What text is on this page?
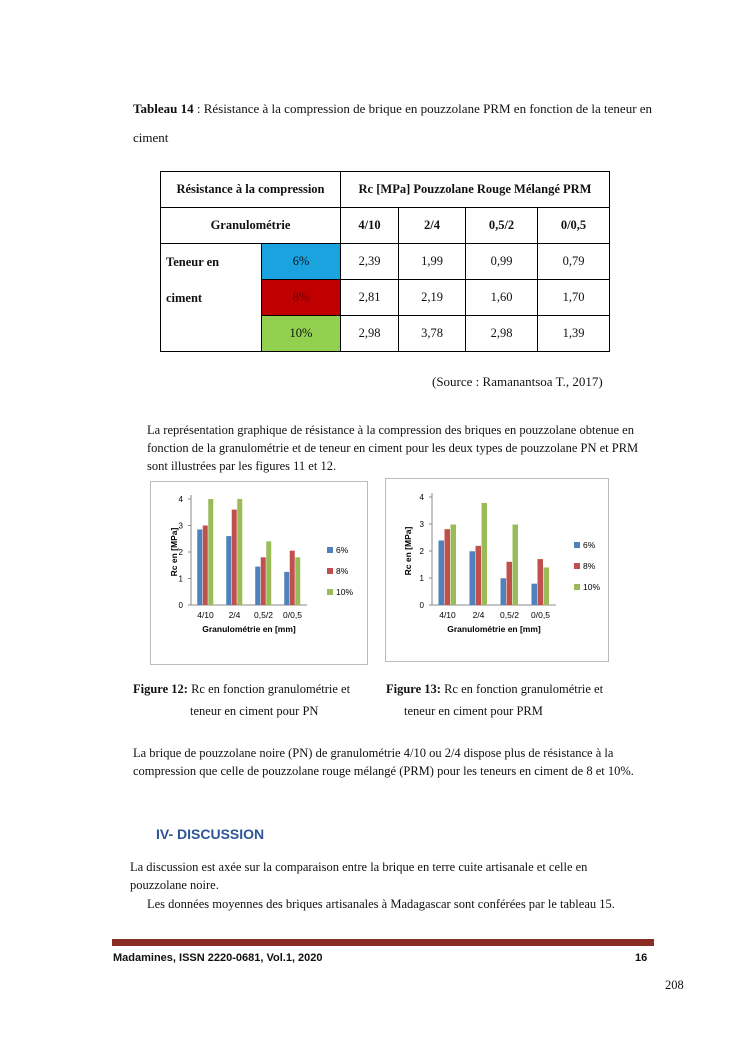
Tableau 14 : Résistance à la compression de brique en pouzzolane PRM en fonction de la teneur en ciment
Résistance à la compression		Rc [MPa] Pouzzolane Rouge Mélangé PRM			
Granulométrie		4/10	2/4	0,5/2	0/0,5
Teneur en
ciment	6%	2,39	1,99	0,99	0,79
	8%	2,81	2,19	1,60	1,70
	10%	2,98	3,78	2,98	1,39
(Source : Ramanantsoa T., 2017)
La représentation graphique de résistance à la compression des briques en pouzzolane obtenue en fonction de la granulométrie et de teneur en ciment pour les deux types de pouzzolane PN et PRM sont illustrées par les figures 11 et 12.
0
1
2
3
4
4/10 2/4 0,5/2 0/0,5
Granulométrie en [mm]
Rc en [MPa]	6%
8%
10%
0
1
2
3
4
4/10 2/4 0,5/2 0/0,5
Granulométrie en [mm]
Rc en [MPa]	6%
8%
10%
Figure 12: Rc en fonction granulométrie et
teneur en ciment pour PN
Figure 13: Rc en fonction granulométrie et
teneur en ciment pour PRM
La brique de pouzzolane noire (PN) de granulométrie 4/10 ou 2/4 dispose plus de résistance à la compression que celle de pouzzolane rouge mélangé (PRM) pour les teneurs en ciment de 8 et 10%.
IV- DISCUSSION
La discussion est axée sur la comparaison entre la brique en terre cuite artisanale et celle en pouzzolane noire.
Les données moyennes des briques artisanales à Madagascar sont conférées par le tableau 15.
Madamines, ISSN 2220-0681, Vol.1, 2020	16
208
